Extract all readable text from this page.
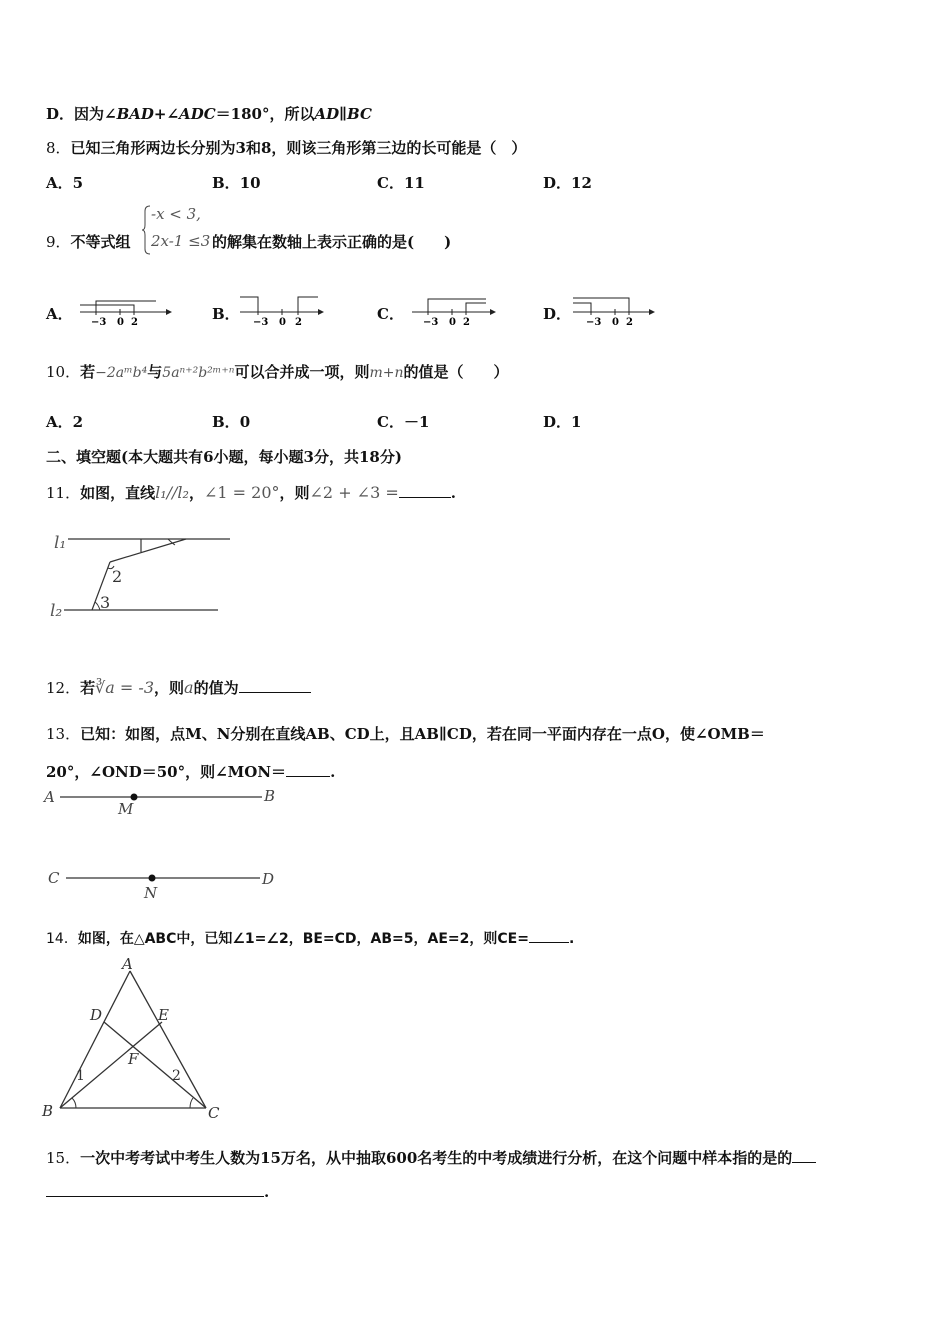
D．因为∠BAD+∠ADC＝180°，所以AD∥BC
8．已知三角形两边长分别为3和8，则该三角形第三边的长可能是（　）
A．5	B．10	C．11	D．12
9．不等式组
-x < 3,
2x-1 ≤3 的解集在数轴上表示正确的是(　　)
A．	B．	C．	D．
−3 0 2	−3 0 2	−3 0 2	−3 0 2
10．若−2aᵐb⁴与5aⁿ⁺²b²ᵐ⁺ⁿ可以合并成一项，则m+n的值是（　　）
A．2	B．0	C．－1	D．1
二、填空题(本大题共有6小题，每小题3分，共18分)
11．如图，直线l₁//l₂，∠1 = 20°，则∠2 + ∠3 =	.
l₁
l₂
2
3
12．若∛a = -3，则a的值为
13．已知：如图，点M、N分别在直线AB、CD上，且AB∥CD，若在同一平面内存在一点O，使∠OMB＝
20°，∠OND＝50°，则∠MON＝	.
A	B
M
C	D
N
14．如图，在△ABC中，已知∠1=∠2，BE=CD，AB=5，AE=2，则CE=	.
A
B	C
D	E
F
1	2
15．一次中考考试中考生人数为15万名，从中抽取600名考生的中考成绩进行分析，在这个问题中样本指的是的
.
